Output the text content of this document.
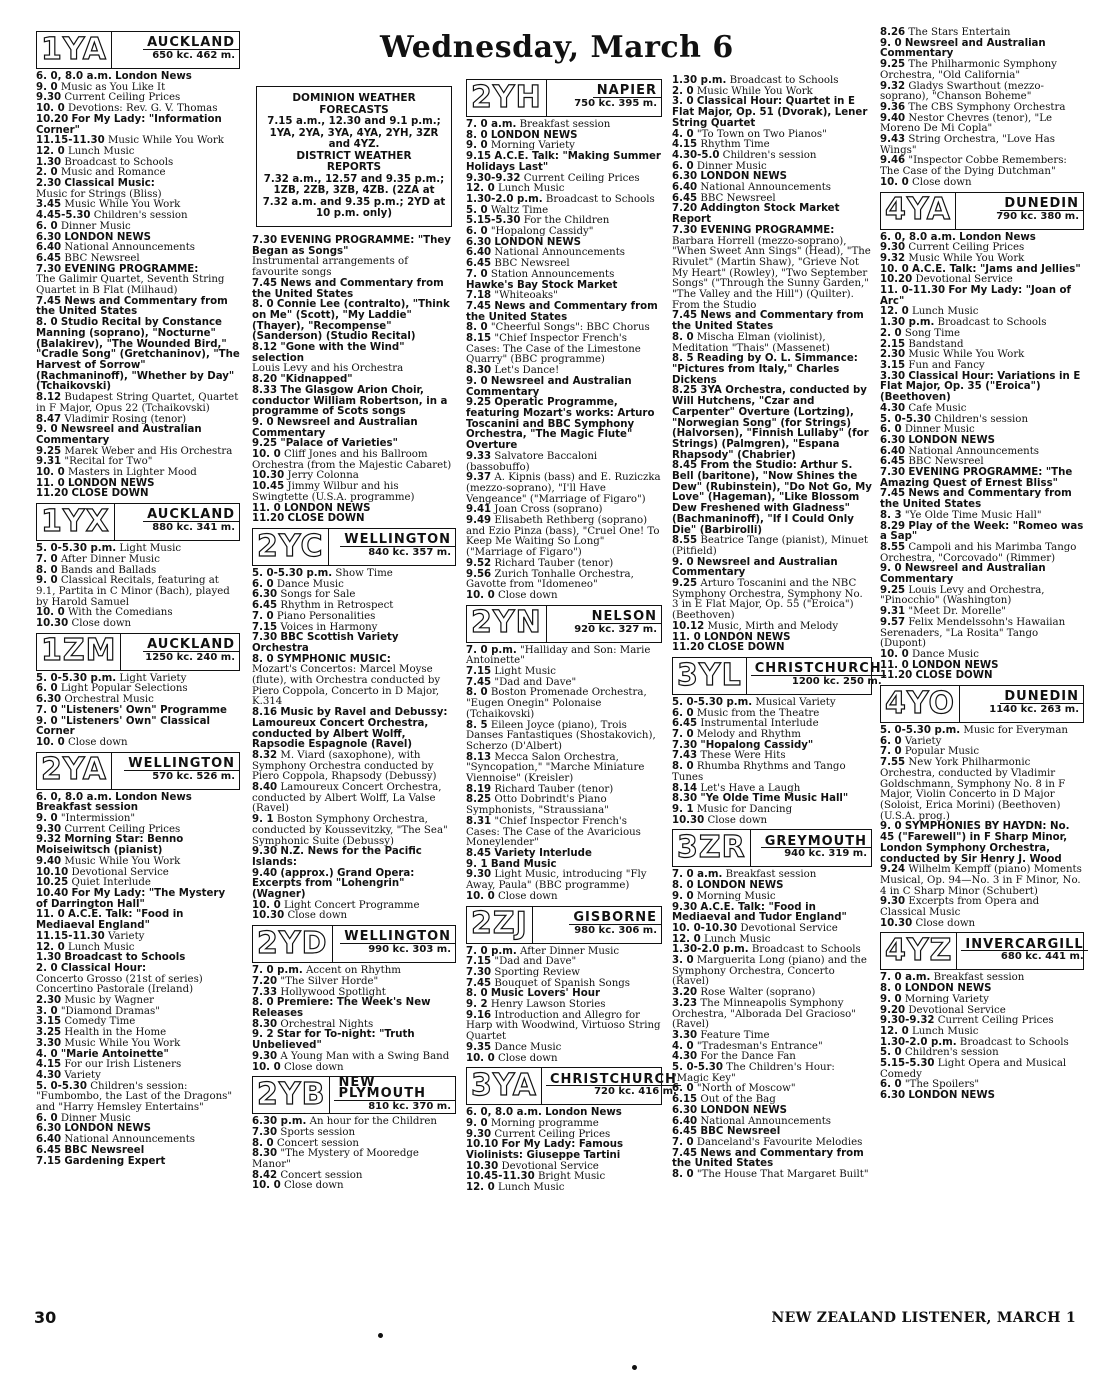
Wednesday, March 6
DOMINION WEATHER
FORECASTS
7.15 a.m., 12.30 and 9.1 p.m.; 1YA, 2YA, 3YA, 4YA, 2YH, 3ZR and 4YZ.
DISTRICT WEATHER
REPORTS
7.32 a.m., 12.57 and 9.35 p.m.; 1ZB, 2ZB, 3ZB, 4ZB. (2ZA at 7.32 a.m. and 9.35 p.m.; 2YD at 10 p.m. only)
1YA	AUCKLAND
650 kc. 462 m.
6. 0, 8.0 a.m. London News
9. 0 Music as You Like It
9.30 Current Ceiling Prices
10. 0 Devotions: Rev. G. V. Thomas
10.20 For My Lady: "Information Corner"
11.15-11.30 Music While You Work
12. 0 Lunch Music
1.30 Broadcast to Schools
2. 0 Music and Romance
2.30 Classical Music:
Music for Strings (Bliss)
3.45 Music While You Work
4.45-5.30 Children's session
6. 0 Dinner Music
6.30 LONDON NEWS
6.40 National Announcements
6.45 BBC Newsreel
7.30 EVENING PROGRAMME:
The Galimir Quartet, Seventh String Quartet in B Flat (Milhaud)
7.45 News and Commentary from the United States
8. 0 Studio Recital by Constance Manning (soprano), "Nocturne" (Balakirev), "The Wounded Bird," "Cradle Song" (Gretchaninov), "The Harvest of Sorrow" (Rachmaninoff), "Whether by Day" (Tchaikovski)
8.12 Budapest String Quartet, Quartet in F Major, Opus 22 (Tchaikovski)
8.47 Vladimir Rosing (tenor)
9. 0 Newsreel and Australian Commentary
9.25 Marek Weber and His Orchestra
9.31 "Recital for Two"
10. 0 Masters in Lighter Mood
11. 0 LONDON NEWS
11.20 CLOSE DOWN
1YX	AUCKLAND
880 kc. 341 m.
5. 0-5.30 p.m. Light Music
7. 0 After Dinner Music
8. 0 Bands and Ballads
9. 0 Classical Recitals, featuring at 9.1, Partita in C Minor (Bach), played by Harold Samuel
10. 0 With the Comedians
10.30 Close down
1ZM	AUCKLAND
1250 kc. 240 m.
5. 0-5.30 p.m. Light Variety
6. 0 Light Popular Selections
6.30 Orchestral Music
7. 0 "Listeners' Own" Programme
9. 0 "Listeners' Own" Classical Corner
10. 0 Close down
2YA	WELLINGTON
570 kc. 526 m.
6. 0, 8.0 a.m. London News Breakfast session
9. 0 "Intermission"
9.30 Current Ceiling Prices
9.32 Morning Star: Benno Moiseiwitsch (pianist)
9.40 Music While You Work
10.10 Devotional Service
10.25 Quiet Interlude
10.40 For My Lady: "The Mystery of Darrington Hall"
11. 0 A.C.E. Talk: "Food in Mediaeval England"
11.15-11.30 Variety
12. 0 Lunch Music
1.30 Broadcast to Schools
2. 0 Classical Hour:
Concerto Grosso (21st of series) Concertino Pastorale (Ireland)
2.30 Music by Wagner
3. 0 "Diamond Dramas"
3.15 Comedy Time
3.25 Health in the Home
3.30 Music While You Work
4. 0 "Marie Antoinette"
4.15 For our Irish Listeners
4.30 Variety
5. 0-5.30 Children's session: "Fumbombo, the Last of the Dragons" and "Harry Hemsley Entertains"
6. 0 Dinner Music
6.30 LONDON NEWS
6.40 National Announcements
6.45 BBC Newsreel
7.15 Gardening Expert
7.30 EVENING PROGRAMME: "They Began as Songs"
Instrumental arrangements of favourite songs
7.45 News and Commentary from the United States
8. 0 Connie Lee (contralto), "Think on Me" (Scott), "My Laddie" (Thayer), "Recompense" (Sanderson) (Studio Recital)
8.12 "Gone with the Wind" selection
Louis Levy and his Orchestra
8.20 "Kidnapped"
8.33 The Glasgow Arion Choir, conductor William Robertson, in a programme of Scots songs
9. 0 Newsreel and Australian Commentary
9.25 "Palace of Varieties"
10. 0 Cliff Jones and his Ballroom Orchestra (from the Majestic Cabaret)
10.30 Jerry Colonna
10.45 Jimmy Wilbur and his Swingtette (U.S.A. programme)
11. 0 LONDON NEWS
11.20 CLOSE DOWN
2YC	WELLINGTON
840 kc. 357 m.
5. 0-5.30 p.m. Show Time
6. 0 Dance Music
6.30 Songs for Sale
6.45 Rhythm in Retrospect
7. 0 Piano Personalities
7.15 Voices in Harmony
7.30 BBC Scottish Variety Orchestra
8. 0 SYMPHONIC MUSIC:
Mozart's Concertos: Marcel Moyse (flute), with Orchestra conducted by Piero Coppola, Concerto in D Major, K.314
8.16 Music by Ravel and Debussy: Lamoureux Concert Orchestra, conducted by Albert Wolff, Rapsodie Espagnole (Ravel)
8.32 M. Viard (saxophone), with Symphony Orchestra conducted by Piero Coppola, Rhapsody (Debussy)
8.40 Lamoureux Concert Orchestra, conducted by Albert Wolff, La Valse (Ravel)
9. 1 Boston Symphony Orchestra, conducted by Koussevitzky, "The Sea" Symphonic Suite (Debussy)
9.30 N.Z. News for the Pacific Islands:
9.40 (approx.) Grand Opera: Excerpts from "Lohengrin" (Wagner)
10. 0 Light Concert Programme
10.30 Close down
2YD	WELLINGTON
990 kc. 303 m.
7. 0 p.m. Accent on Rhythm
7.20 "The Silver Horde"
7.33 Hollywood Spotlight
8. 0 Premiere: The Week's New Releases
8.30 Orchestral Nights
9. 2 Star for To-night: "Truth Unbelieved"
9.30 A Young Man with a Swing Band
10. 0 Close down
2YB	NEW PLYMOUTH
810 kc. 370 m.
6.30 p.m. An hour for the Children
7.30 Sports session
8. 0 Concert session
8.30 "The Mystery of Mooredge Manor"
8.42 Concert session
10. 0 Close down
2YH	NAPIER
750 kc. 395 m.
7. 0 a.m. Breakfast session
8. 0 LONDON NEWS
9. 0 Morning Variety
9.15 A.C.E. Talk: "Making Summer Holidays Last"
9.30-9.32 Current Ceiling Prices
12. 0 Lunch Music
1.30-2.0 p.m. Broadcast to Schools
5. 0 Waltz Time
5.15-5.30 For the Children
6. 0 "Hopalong Cassidy"
6.30 LONDON NEWS
6.40 National Announcements
6.45 BBC Newsreel
7. 0 Station Announcements
Hawke's Bay Stock Market
7.18 "Whiteoaks"
7.45 News and Commentary from the United States
8. 0 "Cheerful Songs": BBC Chorus
8.15 "Chief Inspector French's Cases: The Case of the Limestone Quarry" (BBC programme)
8.30 Let's Dance!
9. 0 Newsreel and Australian Commentary
9.25 Operatic Programme, featuring Mozart's works: Arturo Toscanini and BBC Symphony Orchestra, "The Magic Flute" Overture
9.33 Salvatore Baccaloni (bassobuffo)
9.37 A. Kipnis (bass) and E. Ruziczka (mezzo-soprano), "I'll Have Vengeance" ("Marriage of Figaro")
9.41 Joan Cross (soprano)
9.49 Elisabeth Rethberg (soprano) and Ezio Pinza (bass), "Cruel One! To Keep Me Waiting So Long" ("Marriage of Figaro")
9.52 Richard Tauber (tenor)
9.56 Zurich Tonhalle Orchestra, Gavotte from "Idomeneo"
10. 0 Close down
2YN	NELSON
920 kc. 327 m.
7. 0 p.m. "Halliday and Son: Marie Antoinette"
7.15 Light Music
7.45 "Dad and Dave"
8. 0 Boston Promenade Orchestra, "Eugen Onegin" Polonaise (Tchaikovski)
8. 5 Eileen Joyce (piano), Trois Danses Fantastiques (Shostakovich), Scherzo (D'Albert)
8.13 Mecca Salon Orchestra, "Syncopation," "Marche Miniature Viennoise" (Kreisler)
8.19 Richard Tauber (tenor)
8.25 Otto Dobrindt's Piano Symphonists, "Straussiana"
8.31 "Chief Inspector French's Cases: The Case of the Avaricious Moneylender"
8.45 Variety Interlude
9. 1 Band Music
9.30 Light Music, introducing "Fly Away, Paula" (BBC programme)
10. 0 Close down
2ZJ	GISBORNE
980 kc. 306 m.
7. 0 p.m. After Dinner Music
7.15 "Dad and Dave"
7.30 Sporting Review
7.45 Bouquet of Spanish Songs
8. 0 Music Lovers' Hour
9. 2 Henry Lawson Stories
9.16 Introduction and Allegro for Harp with Woodwind, Virtuoso String Quartet
9.35 Dance Music
10. 0 Close down
3YA	CHRISTCHURCH
720 kc. 416 m.
6. 0, 8.0 a.m. London News
9. 0 Morning programme
9.30 Current Ceiling Prices
10.10 For My Lady: Famous Violinists: Giuseppe Tartini
10.30 Devotional Service
10.45-11.30 Bright Music
12. 0 Lunch Music
1.30 p.m. Broadcast to Schools
2. 0 Music While You Work
3. 0 Classical Hour: Quartet in E Flat Major, Op. 51 (Dvorak), Lener String Quartet
4. 0 "To Town on Two Pianos"
4.15 Rhythm Time
4.30-5.0 Children's session
6. 0 Dinner Music
6.30 LONDON NEWS
6.40 National Announcements
6.45 BBC Newsreel
7.20 Addington Stock Market Report
7.30 EVENING PROGRAMME:
Barbara Horrell (mezzo-soprano), "When Sweet Ann Sings" (Head), "The Rivulet" (Martin Shaw), "Grieve Not My Heart" (Rowley), "Two September Songs" ("Through the Sunny Garden," "The Valley and the Hill") (Quilter). From the Studio
7.45 News and Commentary from the United States
8. 0 Mischa Elman (violinist), Meditation "Thais" (Massenet)
8. 5 Reading by O. L. Simmance: "Pictures from Italy," Charles Dickens
8.25 3YA Orchestra, conducted by Will Hutchens, "Czar and Carpenter" Overture (Lortzing), "Norwegian Song" (for Strings) (Halvorsen), "Finnish Lullaby" (for Strings) (Palmgren), "Espana Rhapsody" (Chabrier)
8.45 From the Studio: Arthur S. Bell (baritone), "Now Shines the Dew" (Rubinstein), "Do Not Go, My Love" (Hageman), "Like Blossom Dew Freshened with Gladness" (Bachmaninoff), "If I Could Only Die" (Barbirolli)
8.55 Beatrice Tange (pianist), Minuet (Pitfield)
9. 0 Newsreel and Australian Commentary
9.25 Arturo Toscanini and the NBC Symphony Orchestra, Symphony No. 3 in E Flat Major, Op. 55 ("Eroica") (Beethoven)
10.12 Music, Mirth and Melody
11. 0 LONDON NEWS
11.20 CLOSE DOWN
3YL	CHRISTCHURCH
1200 kc. 250 m.
5. 0-5.30 p.m. Musical Variety
6. 0 Music from the Theatre
6.45 Instrumental Interlude
7. 0 Melody and Rhythm
7.30 "Hopalong Cassidy"
7.43 These Were Hits
8. 0 Rhumba Rhythms and Tango Tunes
8.14 Let's Have a Laugh
8.30 "Ye Olde Time Music Hall"
9. 1 Music for Dancing
10.30 Close down
3ZR	GREYMOUTH
940 kc. 319 m.
7. 0 a.m. Breakfast session
8. 0 LONDON NEWS
9. 0 Morning Music
9.30 A.C.E. Talk: "Food in Mediaeval and Tudor England"
10. 0-10.30 Devotional Service
12. 0 Lunch Music
1.30-2.0 p.m. Broadcast to Schools
3. 0 Marguerita Long (piano) and the Symphony Orchestra, Concerto (Ravel)
3.20 Rose Walter (soprano)
3.23 The Minneapolis Symphony Orchestra, "Alborada Del Gracioso" (Ravel)
3.30 Feature Time
4. 0 "Tradesman's Entrance"
4.30 For the Dance Fan
5. 0-5.30 The Children's Hour: "Magic Key"
6. 0 "North of Moscow"
6.15 Out of the Bag
6.30 LONDON NEWS
6.40 National Announcements
6.45 BBC Newsreel
7. 0 Danceland's Favourite Melodies
7.45 News and Commentary from the United States
8. 0 "The House That Margaret Built"
8.26 The Stars Entertain
9. 0 Newsreel and Australian Commentary
9.25 The Philharmonic Symphony Orchestra, "Old California"
9.32 Gladys Swarthout (mezzo-soprano), "Chanson Boheme"
9.36 The CBS Symphony Orchestra
9.40 Nestor Chevres (tenor), "Le Moreno De Mi Copla"
9.43 String Orchestra, "Love Has Wings"
9.46 "Inspector Cobbe Remembers: The Case of the Dying Dutchman"
10. 0 Close down
4YA	DUNEDIN
790 kc. 380 m.
6. 0, 8.0 a.m. London News
9.30 Current Ceiling Prices
9.32 Music While You Work
10. 0 A.C.E. Talk: "Jams and Jellies"
10.20 Devotional Service
11. 0-11.30 For My Lady: "Joan of Arc"
12. 0 Lunch Music
1.30 p.m. Broadcast to Schools
2. 0 Song Time
2.15 Bandstand
2.30 Music While You Work
3.15 Fun and Fancy
3.30 Classical Hour: Variations in E Flat Major, Op. 35 ("Eroica") (Beethoven)
4.30 Cafe Music
5. 0-5.30 Children's session
6. 0 Dinner Music
6.30 LONDON NEWS
6.40 National Announcements
6.45 BBC Newsreel
7.30 EVENING PROGRAMME: "The Amazing Quest of Ernest Bliss"
7.45 News and Commentary from the United States
8. 3 "Ye Olde Time Music Hall"
8.29 Play of the Week: "Romeo was a Sap"
8.55 Campoli and his Marimba Tango Orchestra, "Corcovado" (Rimmer)
9. 0 Newsreel and Australian Commentary
9.25 Louis Levy and Orchestra, "Pinocchio" (Washington)
9.31 "Meet Dr. Morelle"
9.57 Felix Mendelssohn's Hawaiian Serenaders, "La Rosita" Tango (Dupont)
10. 0 Dance Music
11. 0 LONDON NEWS
11.20 CLOSE DOWN
4YO	DUNEDIN
1140 kc. 263 m.
5. 0-5.30 p.m. Music for Everyman
6. 0 Variety
7. 0 Popular Music
7.55 New York Philharmonic Orchestra, conducted by Vladimir Goldschmann, Symphony No. 8 in F Major, Violin Concerto in D Major (Soloist, Erica Morini) (Beethoven) (U.S.A. prog.)
9. 0 SYMPHONIES BY HAYDN: No. 45 ("Farewell") in F Sharp Minor, London Symphony Orchestra, conducted by Sir Henry J. Wood
9.24 Wilhelm Kempff (piano) Moments Musical, Op. 94—No. 3 in F Minor, No. 4 in C Sharp Minor (Schubert)
9.30 Excerpts from Opera and Classical Music
10.30 Close down
4YZ	INVERCARGILL
680 kc. 441 m.
7. 0 a.m. Breakfast session
8. 0 LONDON NEWS
9. 0 Morning Variety
9.20 Devotional Service
9.30-9.32 Current Ceiling Prices
12. 0 Lunch Music
1.30-2.0 p.m. Broadcast to Schools
5. 0 Children's session
5.15-5.30 Light Opera and Musical Comedy
6. 0 "The Spoilers"
6.30 LONDON NEWS
30	NEW ZEALAND LISTENER, MARCH 1
